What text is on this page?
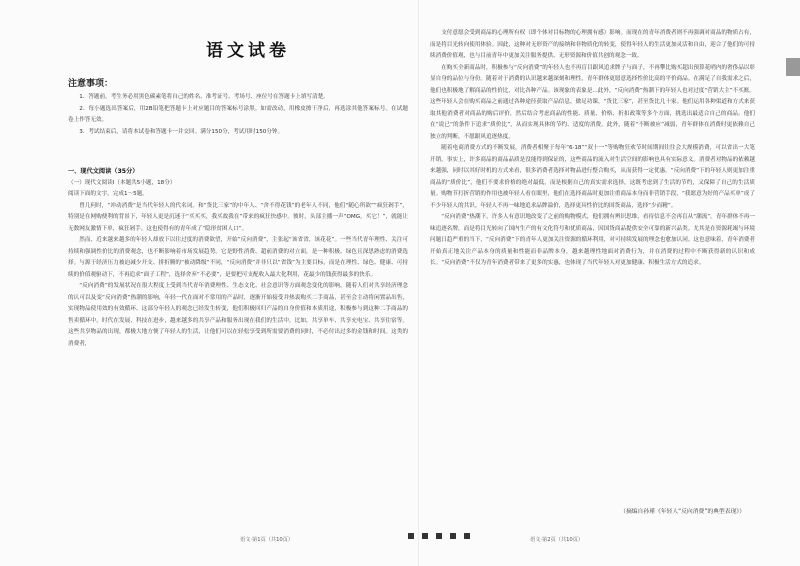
语文试卷
注意事项：

1．答题前，考生务必用黑色碳素笔将自己的姓名、准考证号、考场号、座位号在答题卡上填写清楚。

2．每小题选出答案后，用2B铅笔把答题卡上对应题目的答案标号涂黑。如需改动，用橡皮擦干净后，再选涂其他答案标号。在试题卷上作答无效。

3．考试结束后，请将本试卷和答题卡一并交回。满分150分，考试用时150分钟。

一、现代文阅读（35分）

（一）现代文阅读Ⅰ（本题共5小题，18分）

阅读下面的文字，完成1～5题。

曾几何时，“冲动消费”是当代年轻人的代名词。和“货比三家”的中年人、“舍不得花钱”的老年人不同，他们“随心所欲”“疯狂剁手”，特别是在网购便利的背景下，年轻人更是沉迷于“买买买，我买故我在”带来的疯狂快感中。彼时，头部主播一声“OMG，买它！”，就能让无数网友激情下单，疯狂剁手。这也使得有的青年成了“隐形贫困人口”。

然而，近来越来越多的年轻人却放下以往过度的消费欲望，开始“反向消费”，主张起“该省省，该花花”。一些当代青年理性、关注可持续和强调性价比的消费观念，也不断影响着市场发展趋势。它是野性消费、超前消费的对立面，是一种积极、绿色且深思熟虑的消费选择。与源于经济压力被迫减少开支、拼折腾的“被动降级”不同，“反向消费”并非只以“省钱”为主要目标，而是在理性、绿色、健康、可持续的价值观驱动下，不再追求“面子工程”，选择舍弃“不必要”，是要把可支配收入最大化利用，花最少的钱获得最多的快乐。

“反向消费”的发展状况在很大程度上受到当代青年消费理性、生态文化、社会意识等方面观念变化的影响。随着人们对共享经济理念的认可以及变“反向消费”热潮的影响，年轻一代在面对不常用的产品时，逐渐开始接受并热衷购买二手商品，甚至会主动将闲置品出售，实现物品使用效的有效循环。这部分年轻人的观念已经发生转变，他们积极回归产品的自身价值和本质用途，积极参与到这种二手商品的售卖循环中。时代在发展，科技在进步，越来越多的共享产品和服务出现在我们的生活中，比如，共享单车、共享充电宝、共享住宿等。这些共享物品的出现，都极大地方便了年轻人的生活，让他们可以在轻松享受到所需要消费的同时，不必付出过多的金钱和时间。这类的消费者，

支付意愿会受到商品的心理所有权（即个体对目标物的心理拥有感）影响。而现在的青年消费者则不再强调对商品的物质占有，而是将目光转向使用体验。因此，这种对无形资产的接纳和非物质化的转变，使得年轻人的生活更加灵活和自由，迎合了他们的可持续消费价值观，也与目前青年中更加关注服务提供、无形资源和价值共创的观念一致。

在购买全新商品时，积极参与“反向消费”的年轻人也不再盲目跟风追求牌子与面子，不再攀比购买超出预算花哨内的奢侈品以彰显自身的品位与身份。随着对于消费的认识越来越深刻和理性，青年群体更愿意选择性价比高的平价商品。在满足了自我需求之后，他们也积极地了解商品的性价比，对比各种产品。该现象的表象是...此外，“反向消费”热潮下的年轻人也对过度“营销大主”不买账。这些年轻人会在购买商品之前通过各种途径获取产品信息，做足功课，“货比三家”，甚至货比几十家。他们运用各种渠道和方式来获取其他消费者对商品的购后评价，然后结合考虑商品的性能、质量、价格、折扣政策等多个方面，挑选出最适合自己的商品。他们在“说已”的条件下追求“质价比”，从而实现具体的节约、适度的消费。此外，随着“不断被应”减弱，青年群体在消费时更依赖自己独立的判断，不愿跟风追逐热度。

随着电商消费方式的不断发展，消费者相聚于每年“6·18”“双十一”等购物狂欢节时间期间往往会大规模消费，可以省出一大笔开销。事实上，许多商品的商品品质是没能得到保证的，这些商品的流入对生活空间的影响也具有实际意义。消费者对物品的依赖越来越强，同时以其好时机的方式来看，很多消费者选择对物品进行整合购买，从而获得一定优惠。“反向消费”下的年轻人则更加注重商品的“质价比”，他们不要求价格的绝对最低，而是根据自己的真实需求选择，这既考虑到了生活的节约，又保障了自己的生活质量。购物节打折营销的作用也被年轻人看在眼里，他们在选择商品时更加注重商品本身而非营销手段，“我愿意为好的产品买单”成了不少年轻人的共识。年轻人不再一味地追求品牌溢价，选择更具性价比的国货商品，选择“少而精”。

“反向消费”热潮下，许多人有意识地改变了之前的购物模式，他们拥有辨识思维，看待信息不会再盲从“潮流”。青年群体不再一味追逐名牌，而是将目光转向了国内生产的有文化符号和优质商品，因国货商品提供安全可靠的新兴品类。尤其是在资源耗竭与环境问题日趋严重的当下，“反向消费”下的青年人更加关注资源的循环利用，对可持续发展的理念也愈加认同。这也意味着，青年消费者开始真正地关注产品本身的质量和性能而非品牌本身，越来越理性地面对消费行为，并在消费的过程中不断获得新的认识和成长。“反向消费”不仅为青年消费者带来了更多的实惠，也体现了当代年轻人对更加健康、积极生活方式的追求。

（摘编自孙瑾《年轻人“反向消费”的典型表现》）
语文·第1页（共10页）	语文·第2页（共10页）
